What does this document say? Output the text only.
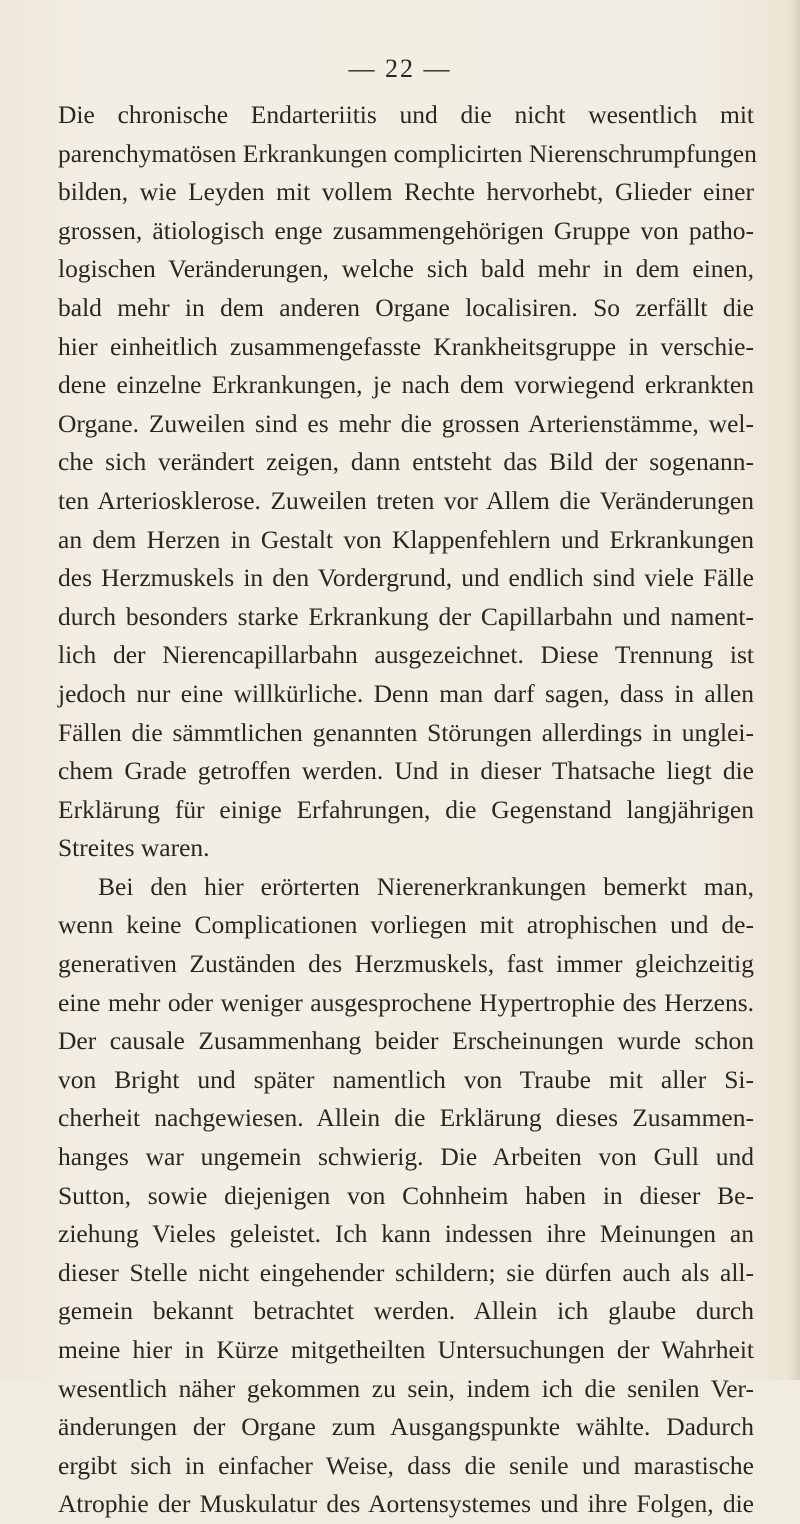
— 22 —
Die chronische Endarteriitis und die nicht wesentlich mit
parenchymatösen Erkrankungen complicirten Nierenschrumpfungen
bilden, wie Leyden mit vollem Rechte hervorhebt, Glieder einer
grossen, ätiologisch enge zusammengehörigen Gruppe von patho-
logischen Veränderungen, welche sich bald mehr in dem einen,
bald mehr in dem anderen Organe localisiren. So zerfällt die
hier einheitlich zusammengefasste Krankheitsgruppe in verschie-
dene einzelne Erkrankungen, je nach dem vorwiegend erkrankten
Organe. Zuweilen sind es mehr die grossen Arterienstämme, wel-
che sich verändert zeigen, dann entsteht das Bild der sogenann-
ten Arteriosklerose. Zuweilen treten vor Allem die Veränderungen
an dem Herzen in Gestalt von Klappenfehlern und Erkrankungen
des Herzmuskels in den Vordergrund, und endlich sind viele Fälle
durch besonders starke Erkrankung der Capillarbahn und nament-
lich der Nierencapillarbahn ausgezeichnet. Diese Trennung ist
jedoch nur eine willkürliche. Denn man darf sagen, dass in allen
Fällen die sämmtlichen genannten Störungen allerdings in unglei-
chem Grade getroffen werden. Und in dieser Thatsache liegt die
Erklärung für einige Erfahrungen, die Gegenstand langjährigen
Streites waren.
Bei den hier erörterten Nierenerkrankungen bemerkt man,
wenn keine Complicationen vorliegen mit atrophischen und de-
generativen Zuständen des Herzmuskels, fast immer gleichzeitig
eine mehr oder weniger ausgesprochene Hypertrophie des Herzens.
Der causale Zusammenhang beider Erscheinungen wurde schon
von Bright und später namentlich von Traube mit aller Si-
cherheit nachgewiesen. Allein die Erklärung dieses Zusammen-
hanges war ungemein schwierig. Die Arbeiten von Gull und
Sutton, sowie diejenigen von Cohnheim haben in dieser Be-
ziehung Vieles geleistet. Ich kann indessen ihre Meinungen an
dieser Stelle nicht eingehender schildern; sie dürfen auch als all-
gemein bekannt betrachtet werden. Allein ich glaube durch
meine hier in Kürze mitgetheilten Untersuchungen der Wahrheit
wesentlich näher gekommen zu sein, indem ich die senilen Ver-
änderungen der Organe zum Ausgangspunkte wählte. Dadurch
ergibt sich in einfacher Weise, dass die senile und marastische
Atrophie der Muskulatur des Aortensystemes und ihre Folgen, die
